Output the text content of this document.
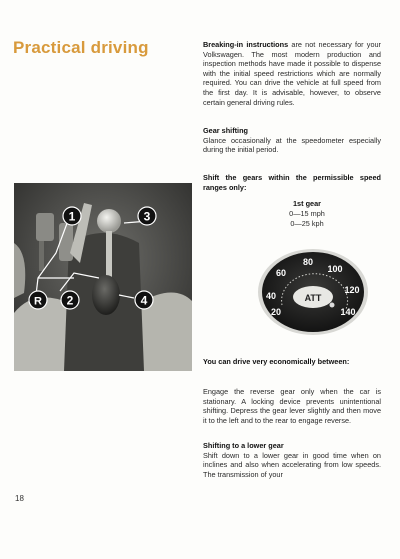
Practical driving	Breaking-in instructions are not necessary for your Volkswagen. The most modern production and inspection methods have made it possible to dispense with the initial speed restrictions which are normally required. You can drive the vehicle at full speed from the first day. It is advisable, however, to observe certain general driving rules.
Gear shifting
Glance occasionally at the speedometer especially during the initial period.
Shift the gears within the permissible speed ranges only:
1st gear
0—15 mph
0—25 kph
1	3
R 2	4
20
40
60
80
100
120
140
ATT
You can drive very economically between:
Engage the reverse gear only when the car is stationary. A locking device prevents unintentional shifting. Depress the gear lever slightly and then move it to the left and to the rear to engage reverse.
Shifting to a lower gear
Shift down to a lower gear in good time when on inclines and also when accelerating from low speeds. The transmission of your
18
